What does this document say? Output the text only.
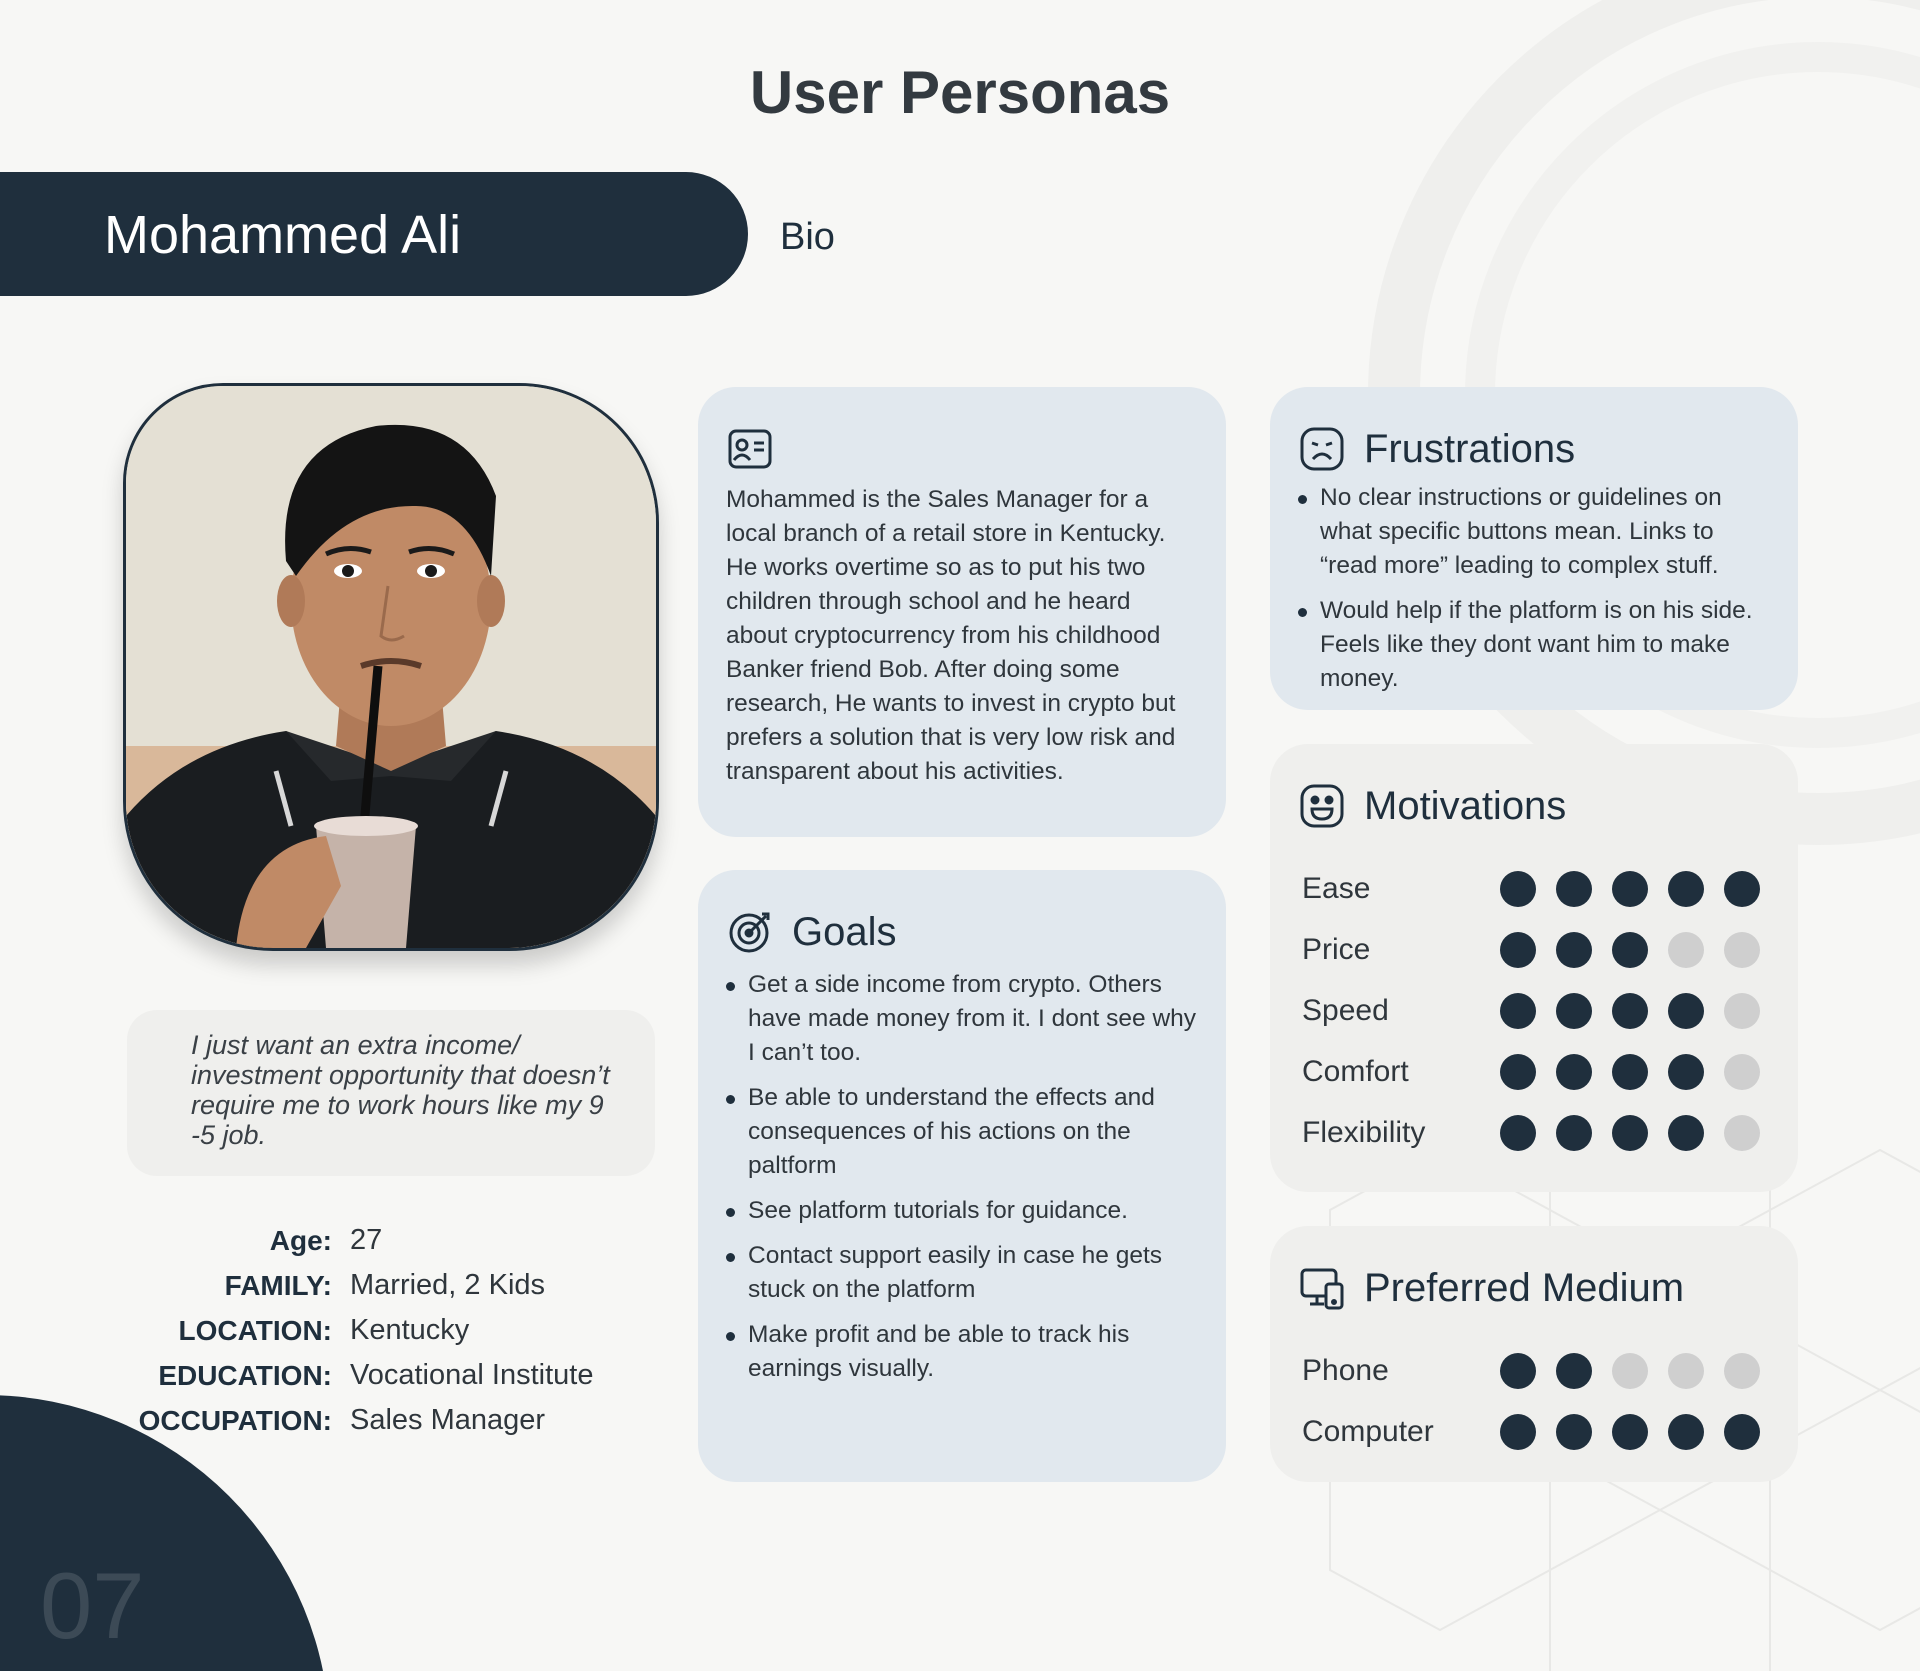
User Personas
Mohammed Ali	Bio

I just want an extra income/ investment opportunity that doesn’t require me to work hours like my 9 -5 job.

Age: 27
FAMILY: Married, 2 Kids
LOCATION: Kentucky
EDUCATION: Vocational Institute
OCCUPATION: Sales Manager
07

Mohammed is the Sales Manager for a local branch of a retail store in Kentucky. He works overtime so as to put his two children through school and he heard about cryptocurrency from his childhood Banker friend Bob. After doing some research, He wants to invest in crypto but prefers a solution that is very low risk and transparent about his activities.

Goals
Get a side income from crypto. Others have made money from it. I dont see why I can’t too.
Be able to understand the effects and consequences of his actions on the paltform
See platform tutorials for guidance.
Contact support easily in case he gets stuck on the platform
Make profit and be able to track his earnings visually.
Frustrations
No clear instructions or guidelines on what specific buttons mean. Links to “read more” leading to complex stuff.
Would help if the platform is on his side. Feels like they dont want him to make money.
Motivations
Ease
Price
Speed
Comfort
Flexibility
Preferred Medium
Phone
Computer
